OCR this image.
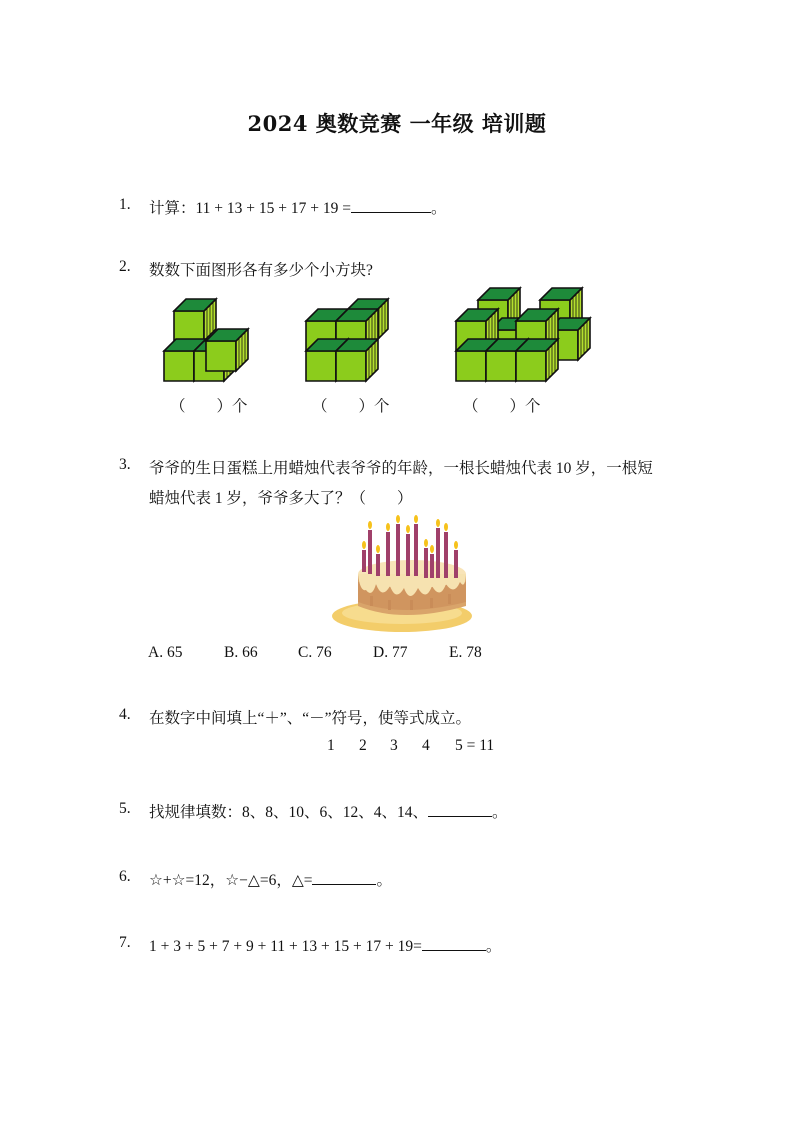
2024 奥数竞赛 一年级 培训题
1. 计算：11 + 13 + 15 + 17 + 19 =	。
2. 数数下面图形各有多少个小方块?
（　　）个	（　　）个	（　　）个
3. 爷爷的生日蛋糕上用蜡烛代表爷爷的年龄，一根长蜡烛代表 10 岁，一根短
蜡烛代表 1 岁，爷爷多大了？（　　）
A. 65	B. 66	C. 76	D. 77	E. 78
4. 在数字中间填上“＋”、“－”符号，使等式成立。
1 2 3 4 5 = 11
5. 找规律填数：8、8、10、6、12、4、14、	。
6. ☆+☆=12，☆−△=6，△=	。
7. 1 + 3 + 5 + 7 + 9 + 11 + 13 + 15 + 17 + 19=	。
